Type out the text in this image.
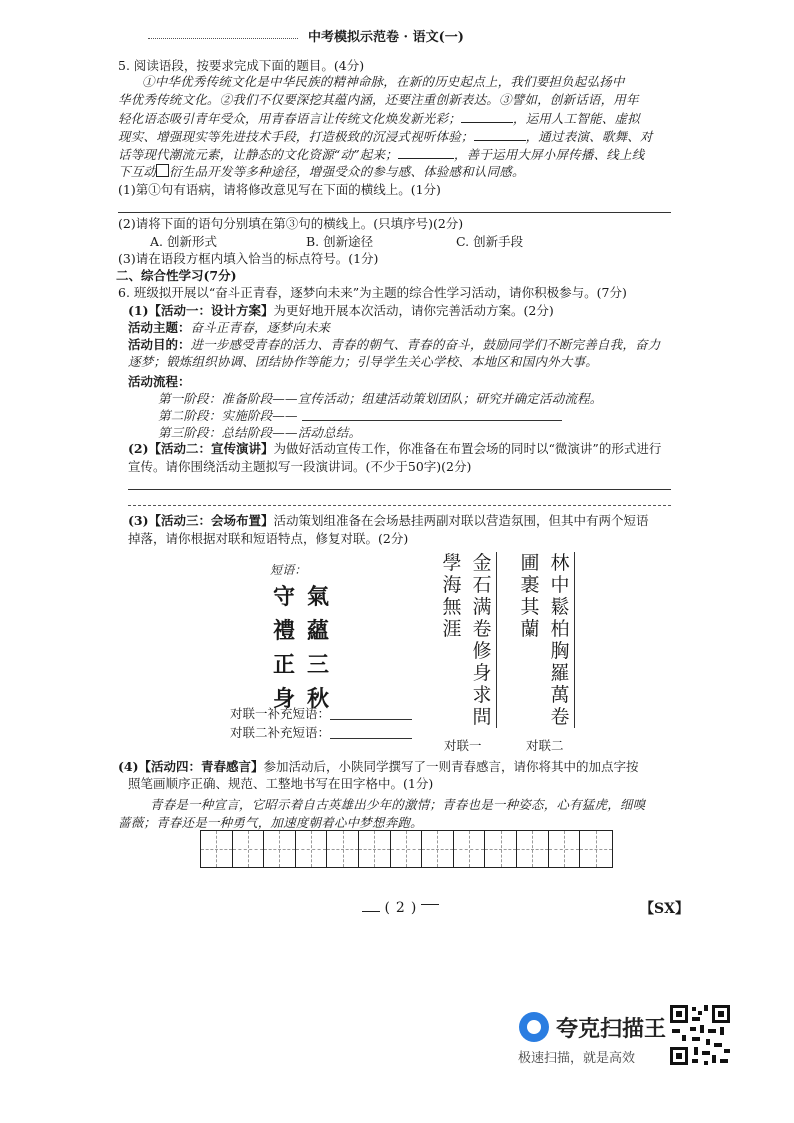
中考模拟示范卷 · 语文(一)
5. 阅读语段，按要求完成下面的题目。(4分)
①中华优秀传统文化是中华民族的精神命脉，在新的历史起点上，我们要担负起弘扬中
华优秀传统文化。②我们不仅要深挖其蕴内涵，还要注重创新表达。③譬如，创新话语，用年
轻化语态吸引青年受众，用青春语言让传统文化焕发新光彩；	，运用人工智能、虚拟
现实、增强现实等先进技术手段，打造极致的沉浸式视听体验；	，通过表演、歌舞、对
话等现代潮流元素，让静态的文化资源“动”起来；	，善于运用大屏小屏传播、线上线
下互动 衍生品开发等多种途径，增强受众的参与感、体验感和认同感。
(1)第①句有语病，请将修改意见写在下面的横线上。(1分)
(2)请将下面的语句分别填在第③句的横线上。(只填序号)(2分)
A. 创新形式	B. 创新途径	C. 创新手段
(3)请在语段方框内填入恰当的标点符号。(1分)
二、综合性学习(7分)
6. 班级拟开展以“奋斗正青春，逐梦向未来”为主题的综合性学习活动，请你积极参与。(7分)
(1)【活动一：设计方案】为更好地开展本次活动，请你完善活动方案。(2分)
活动主题：奋斗正青春，逐梦向未来
活动目的：进一步感受青春的活力、青春的朝气、青春的奋斗，鼓励同学们不断完善自我，奋力
逐梦；锻炼组织协调、团结协作等能力；引导学生关心学校、本地区和国内外大事。
活动流程：
第一阶段：准备阶段——宣传活动；组建活动策划团队；研究并确定活动流程。
第二阶段：实施阶段——
第三阶段：总结阶段——活动总结。
(2)【活动二：宣传演讲】为做好活动宣传工作，你准备在布置会场的同时以“微演讲”的形式进行
宣传。请你围绕活动主题拟写一段演讲词。(不少于50字)(2分)
(3)【活动三：会场布置】活动策划组准备在会场悬挂两副对联以营造氛围，但其中有两个短语
掉落，请你根据对联和短语特点，修复对联。(2分)
短语：
守禮正身
氣蘊三秋
學海無涯
金石满卷修身求問
圃裹其蘭
林中鬆柏胸羅萬卷
对联一补充短语：
对联二补充短语：
对联一	对联二
(4)【活动四：青春感言】参加活动后，小陕同学撰写了一则青春感言，请你将其中的加点字按
照笔画顺序正确、规范、工整地书写在田字格中。(1分)
青春是一种宣言，它昭示着自古英雄出少年的激情；青春也是一种姿态，心有猛虎，细嗅
蔷薇；青春还是一种勇气，加速度朝着心中梦想奔跑。
( 2 )	【SX】
夸克扫描王
极速扫描，就是高效
